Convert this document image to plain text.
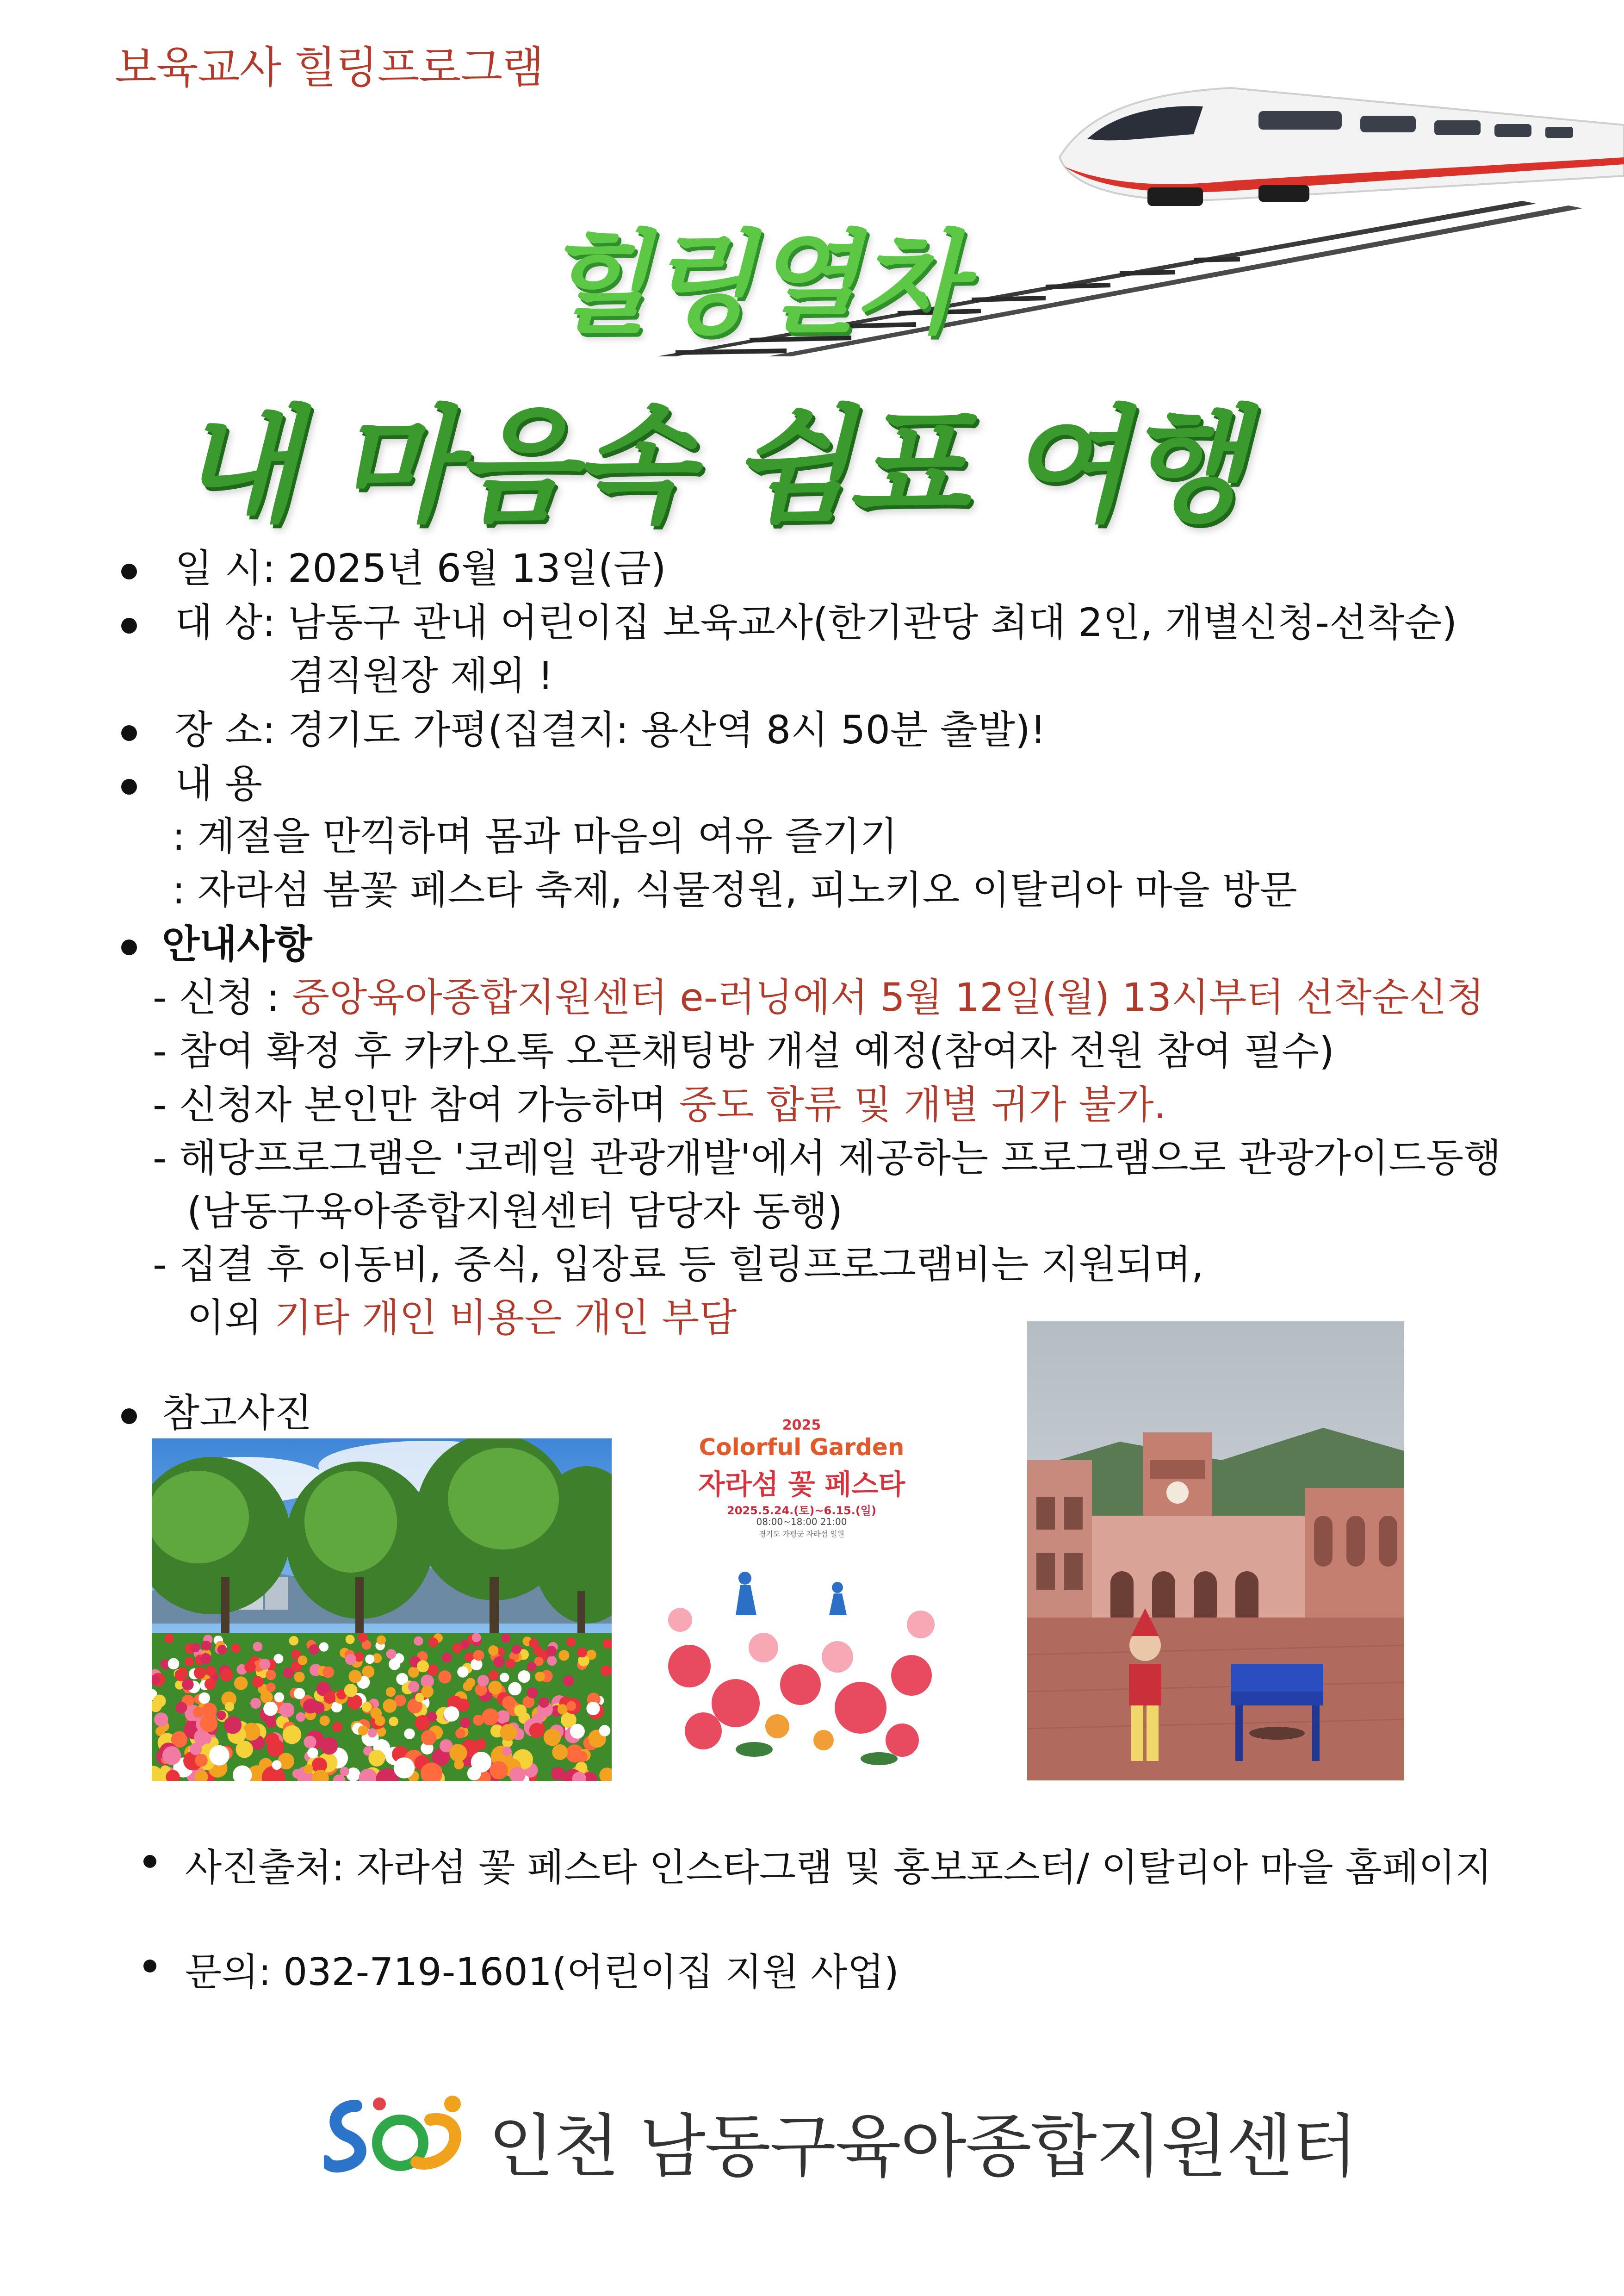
보육교사 힐링프로그램
힐링열차
내 마음속 쉼표 여행
일 시: 2025년 6월 13일(금)
대 상: 남동구 관내 어린이집 보육교사(한기관당 최대 2인, 개별신청-선착순)
겸직원장 제외 !
장 소: 경기도 가평(집결지: 용산역 8시 50분 출발)!
내 용
: 계절을 만끽하며 몸과 마음의 여유 즐기기
: 자라섬 봄꽃 페스타 축제, 식물정원, 피노키오 이탈리아 마을 방문
안내사항
- 신청 : 중앙육아종합지원센터 e-러닝에서 5월 12일(월) 13시부터 선착순신청
- 참여 확정 후 카카오톡 오픈채팅방 개설 예정(참여자 전원 참여 필수)
- 신청자 본인만 참여 가능하며 중도 합류 및 개별 귀가 불가.
- 해당프로그램은 '코레일 관광개발'에서 제공하는 프로그램으로 관광가이드동행
(남동구육아종합지원센터 담당자 동행)
- 집결 후 이동비, 중식, 입장료 등 힐링프로그램비는 지원되며,
이외 기타 개인 비용은 개인 부담
참고사진	2025
Colorful Garden
자라섬 꽃 페스타
2025.5.24.(토)~6.15.(일)
08:00~18:00 21:00
경기도 가평군 자라섬 일원
사진출처: 자라섬 꽃 페스타 인스타그램 및 홍보포스터/ 이탈리아 마을 홈페이지
문의: 032-719-1601(어린이집 지원 사업)
인천 남동구육아종합지원센터
